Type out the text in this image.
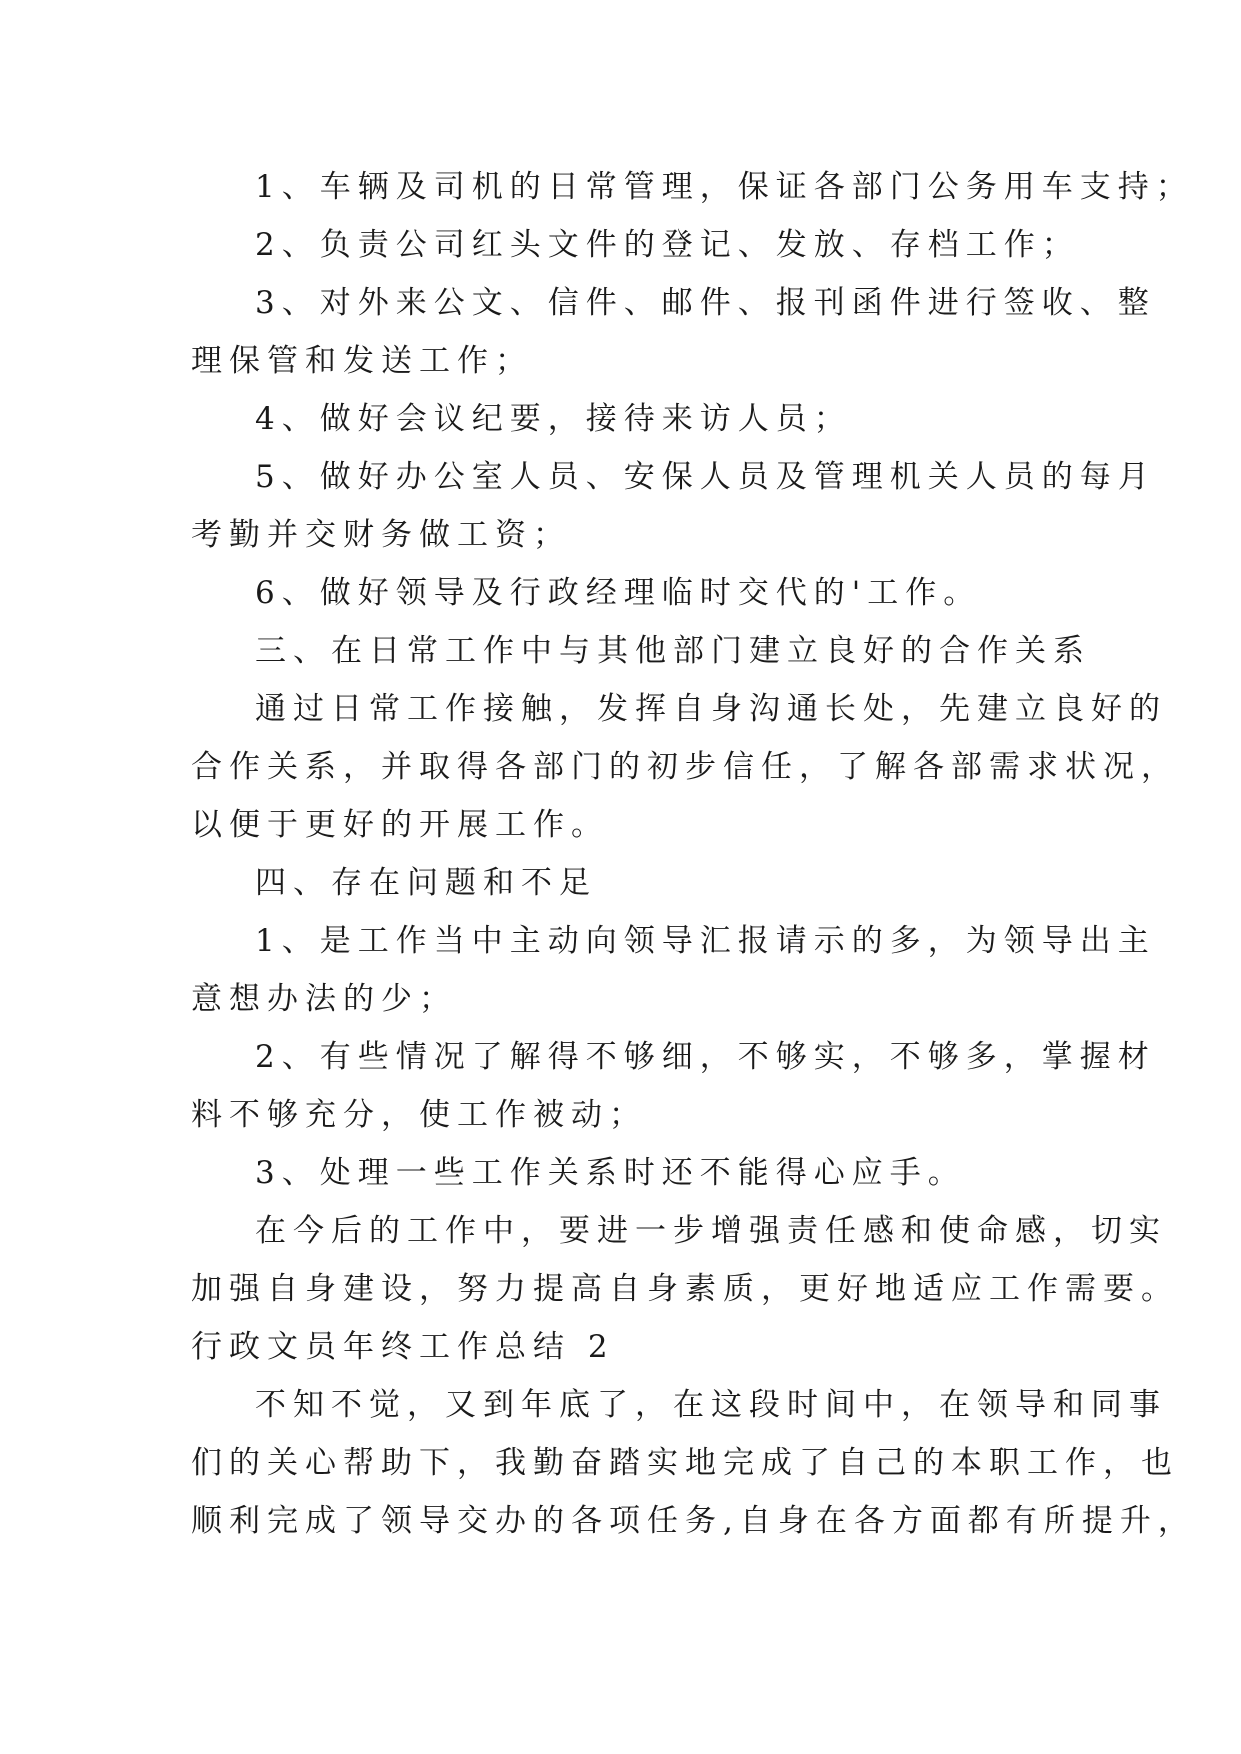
1、车辆及司机的日常管理，保证各部门公务用车支持；
2、负责公司红头文件的登记、发放、存档工作；
3、对外来公文、信件、邮件、报刊函件进行签收、整
理保管和发送工作；
4、做好会议纪要，接待来访人员；
5、做好办公室人员、安保人员及管理机关人员的每月
考勤并交财务做工资；
6、做好领导及行政经理临时交代的'工作。
三、在日常工作中与其他部门建立良好的合作关系
通过日常工作接触，发挥自身沟通长处，先建立良好的
合作关系，并取得各部门的初步信任，了解各部需求状况，
以便于更好的开展工作。
四、存在问题和不足
1、是工作当中主动向领导汇报请示的多，为领导出主
意想办法的少；
2、有些情况了解得不够细，不够实，不够多，掌握材
料不够充分，使工作被动；
3、处理一些工作关系时还不能得心应手。
在今后的工作中，要进一步增强责任感和使命感，切实
加强自身建设，努力提高自身素质，更好地适应工作需要。
行政文员年终工作总结 2
不知不觉，又到年底了，在这段时间中，在领导和同事
们的关心帮助下，我勤奋踏实地完成了自己的本职工作，也
顺利完成了领导交办的各项任务,自身在各方面都有所提升，
